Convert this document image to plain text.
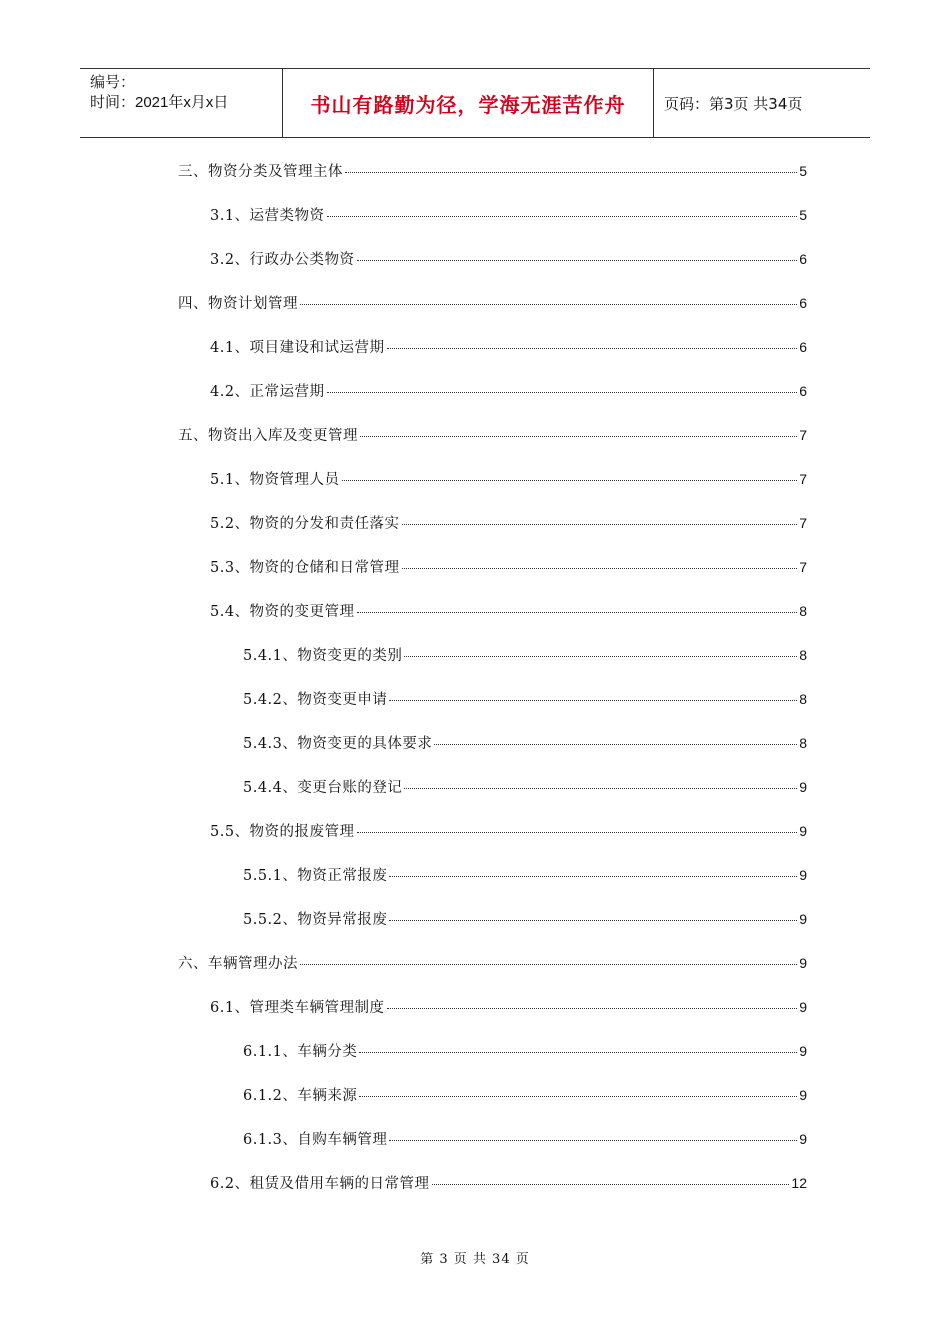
编号：
时间：2021年x月x日	书山有路勤为径，学海无涯苦作舟	页码：第3页 共34页
三、物资分类及管理主体	5
3.1、运营类物资	5
3.2、行政办公类物资	6
四、物资计划管理	6
4.1、项目建设和试运营期	6
4.2、正常运营期	6
五、物资出入库及变更管理	7
5.1、物资管理人员	7
5.2、物资的分发和责任落实	7
5.3、物资的仓储和日常管理	7
5.4、物资的变更管理	8
5.4.1、物资变更的类别	8
5.4.2、物资变更申请	8
5.4.3、物资变更的具体要求	8
5.4.4、变更台账的登记	9
5.5、物资的报废管理	9
5.5.1、物资正常报废	9
5.5.2、物资异常报废	9
六、车辆管理办法	9
6.1、管理类车辆管理制度	9
6.1.1、车辆分类	9
6.1.2、车辆来源	9
6.1.3、自购车辆管理	9
6.2、租赁及借用车辆的日常管理	12
第 3 页 共 34 页
